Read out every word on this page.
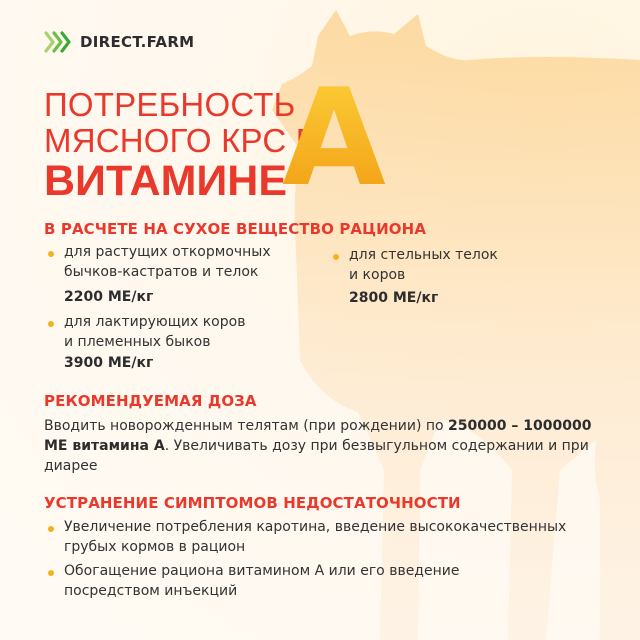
DIRECT.FARM
ПОТРЕБНОСТЬ
МЯСНОГО КРС В
ВИТАМИНЕ
А
В РАСЧЕТЕ НА СУХОЕ ВЕЩЕСТВО РАЦИОНА
для растущих откормочных
бычков-кастратов и телок
2200 МЕ/кг
для лактирующих коров
и племенных быков
3900 МЕ/кг
для стельных телок
и коров
2800 МЕ/кг
РЕКОМЕНДУЕМАЯ ДОЗА
Вводить новорожденным телятам (при рождении) по 250000 – 1000000 МЕ витамина А. Увеличивать дозу при безвыгульном содержании и при диарее
УСТРАНЕНИЕ СИМПТОМОВ НЕДОСТАТОЧНОСТИ
Увеличение потребления каротина, введение высококачественных
грубых кормов в рацион
Обогащение рациона витамином А или его введение
посредством инъекций
